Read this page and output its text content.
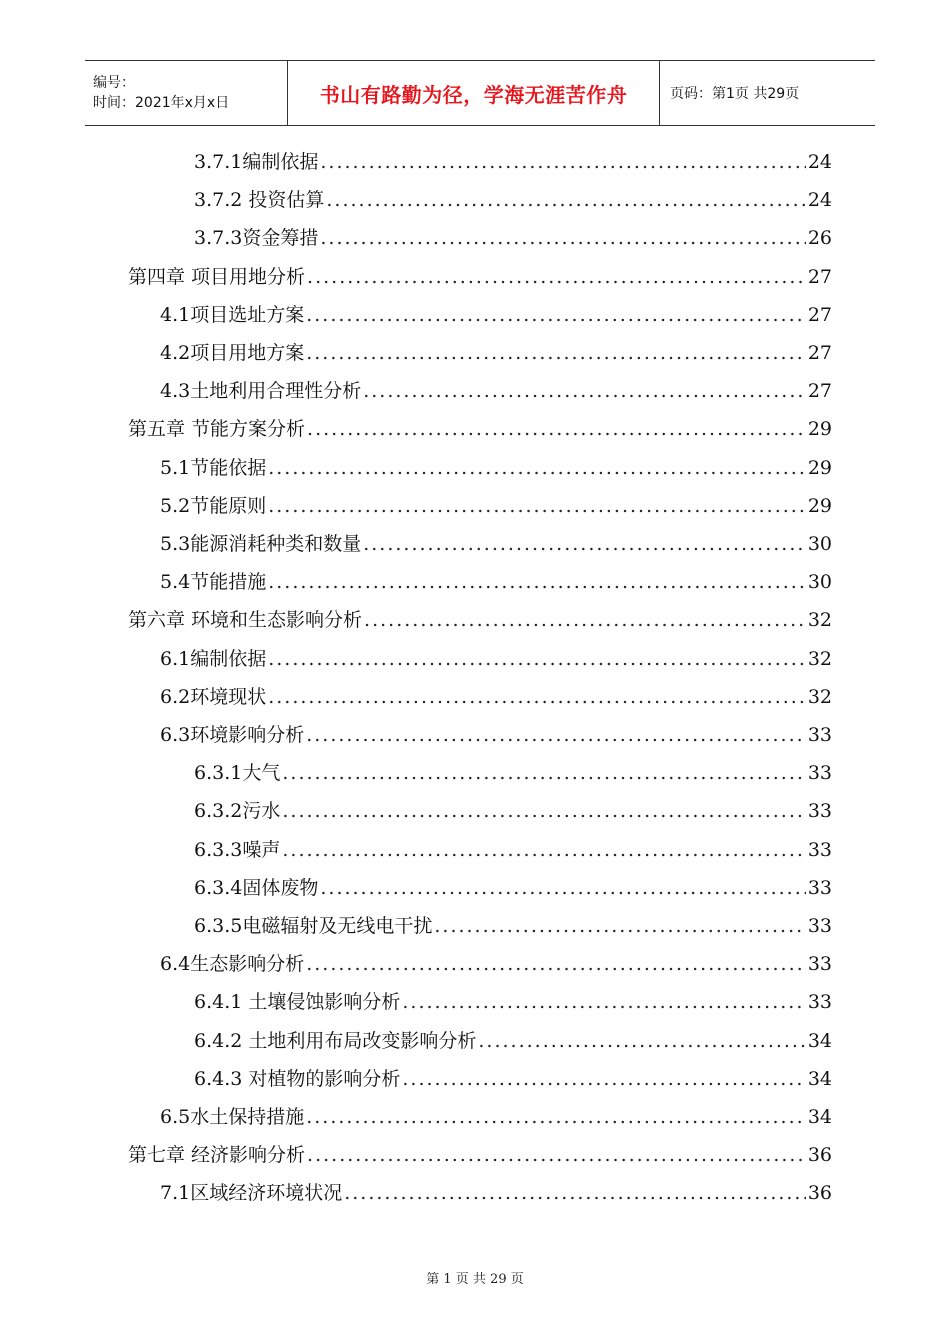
编号：
时间：2021年x月x日	书山有路勤为径，学海无涯苦作舟	页码：第1页 共29页
3.7.1编制依据 .....	24
3.7.2 投资估算 .....	24
3.7.3资金筹措 .....	26
第四章 项目用地分析 .....	27
4.1项目选址方案 .....	27
4.2项目用地方案 .....	27
4.3土地利用合理性分析 .....	27
第五章 节能方案分析 .....	29
5.1节能依据 .....	29
5.2节能原则 .....	29
5.3能源消耗种类和数量 .....	30
5.4节能措施 .....	30
第六章 环境和生态影响分析 .....	32
6.1编制依据 .....	32
6.2环境现状 .....	32
6.3环境影响分析 .....	33
6.3.1大气 .....	33
6.3.2污水 .....	33
6.3.3噪声 .....	33
6.3.4固体废物 .....	33
6.3.5电磁辐射及无线电干扰 .....	33
6.4生态影响分析 .....	33
6.4.1 土壤侵蚀影响分析 .....	33
6.4.2 土地利用布局改变影响分析 .....	34
6.4.3 对植物的影响分析 .....	34
6.5水土保持措施 .....	34
第七章 经济影响分析 .....	36
7.1区域经济环境状况 .....	36
第 1 页 共 29 页
